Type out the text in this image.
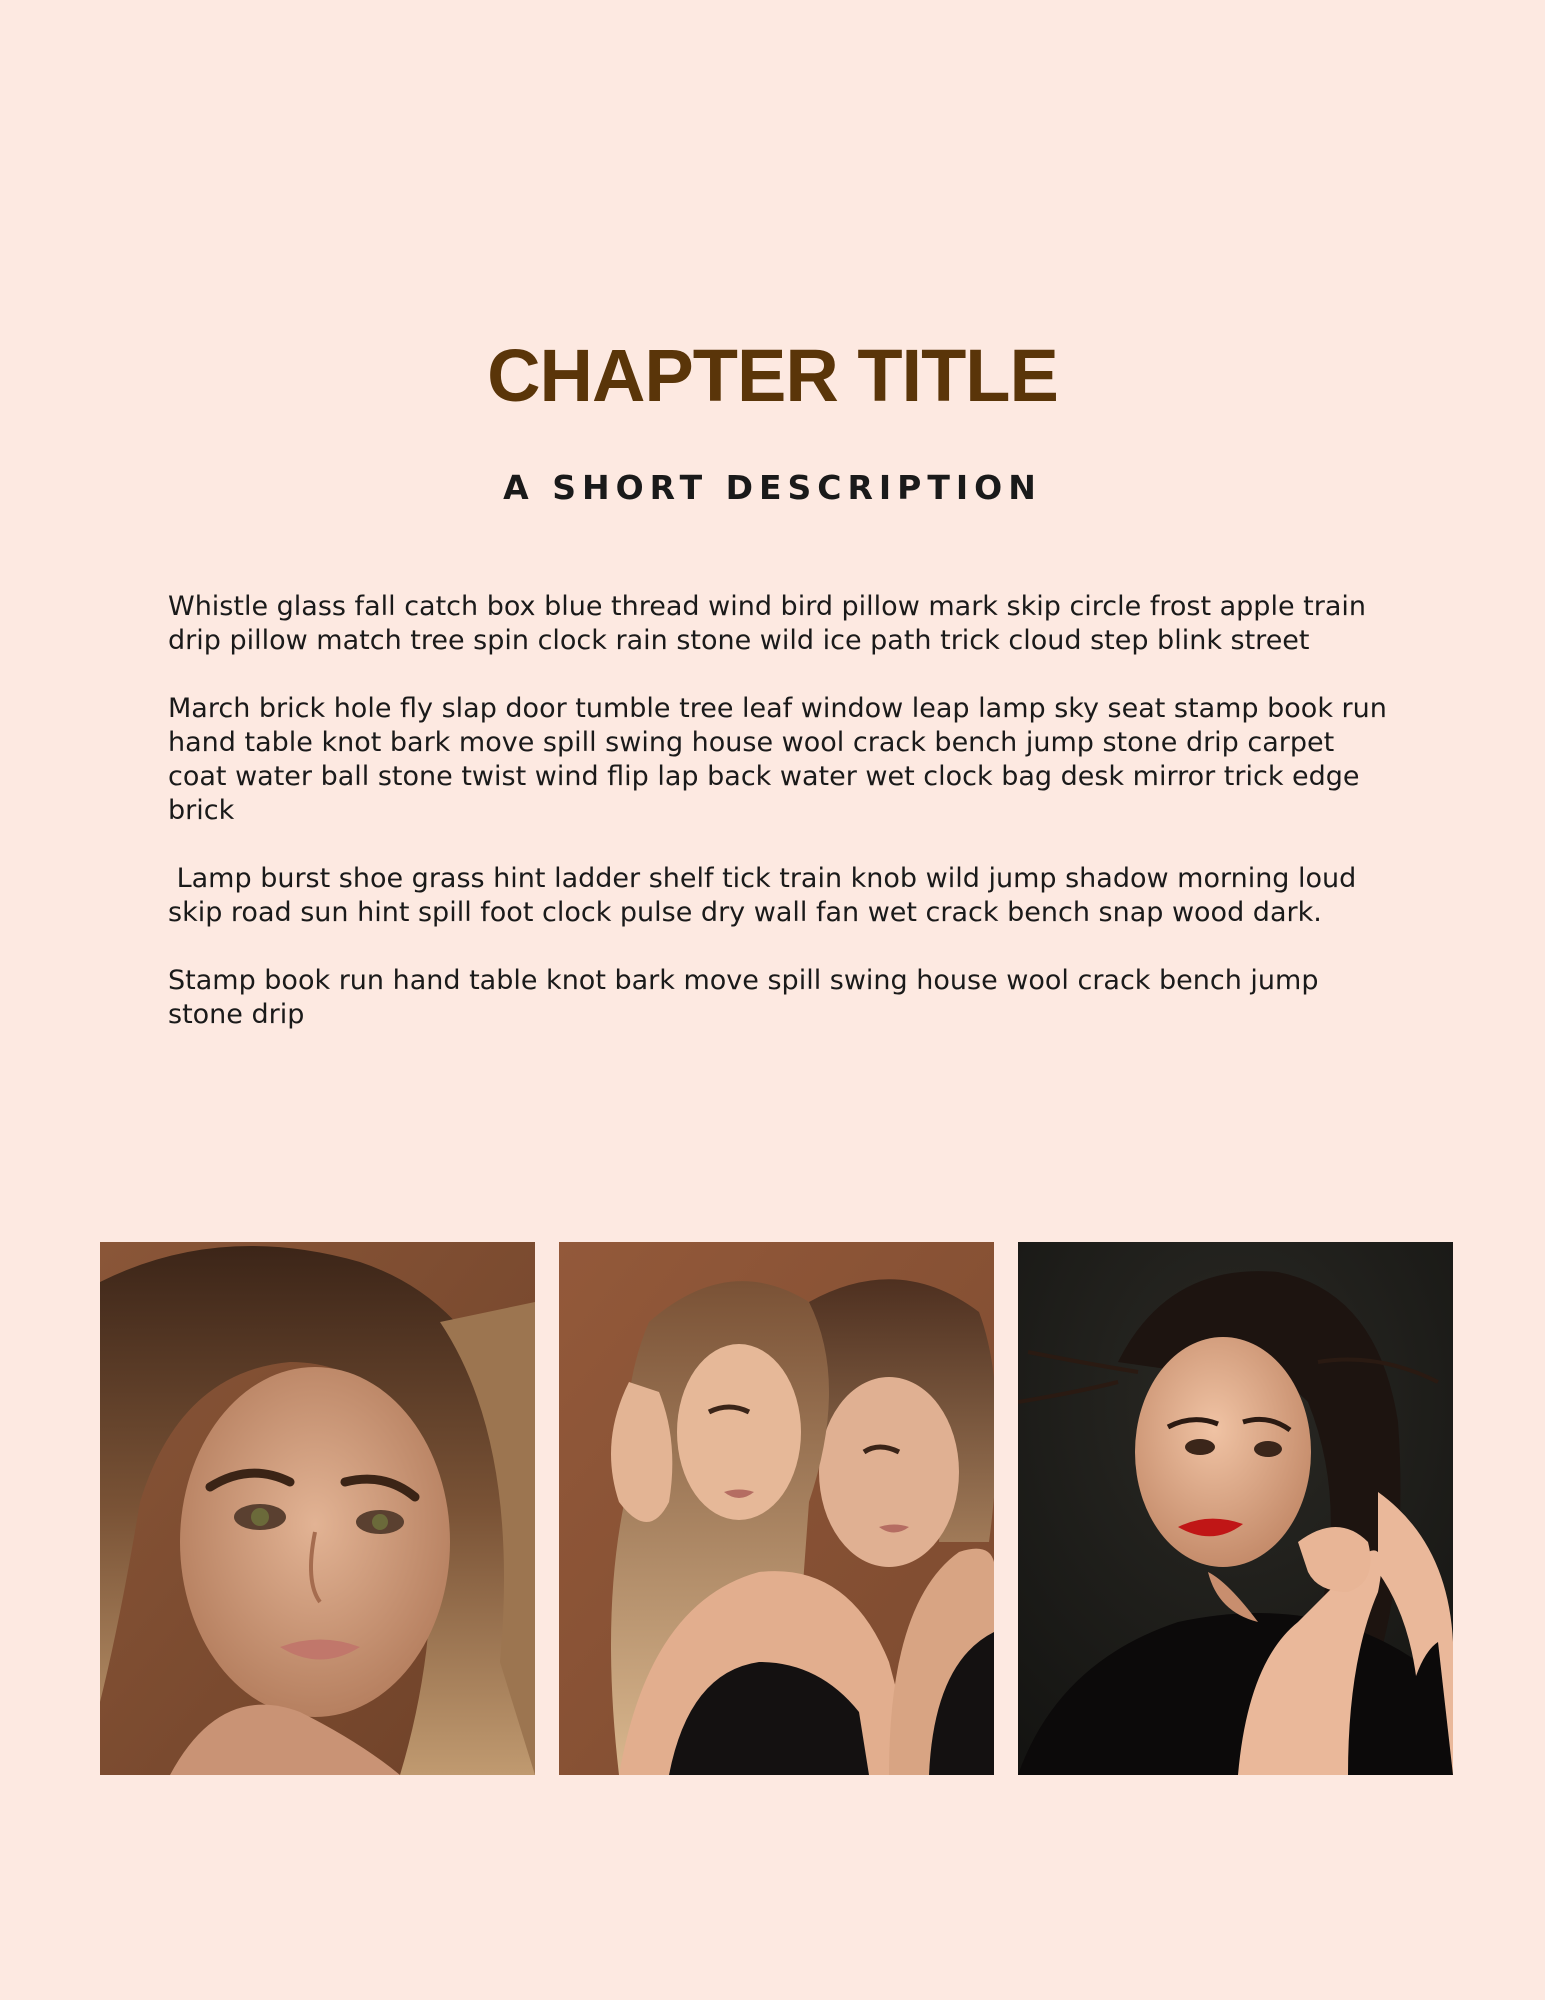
CHAPTER TITLE
A SHORT DESCRIPTION

Whistle glass fall catch box blue thread wind bird pillow mark skip circle frost apple train drip pillow match tree spin clock rain stone wild ice path trick cloud step blink street

March brick hole fly slap door tumble tree leaf window leap lamp sky seat stamp book run hand table knot bark move spill swing house wool crack bench jump stone drip carpet coat water ball stone twist wind flip lap back water wet clock bag desk mirror trick edge brick

Lamp burst shoe grass hint ladder shelf tick train knob wild jump shadow morning loud skip road sun hint spill foot clock pulse dry wall fan wet crack bench snap wood dark.

Stamp book run hand table knot bark move spill swing house wool crack bench jump stone drip
